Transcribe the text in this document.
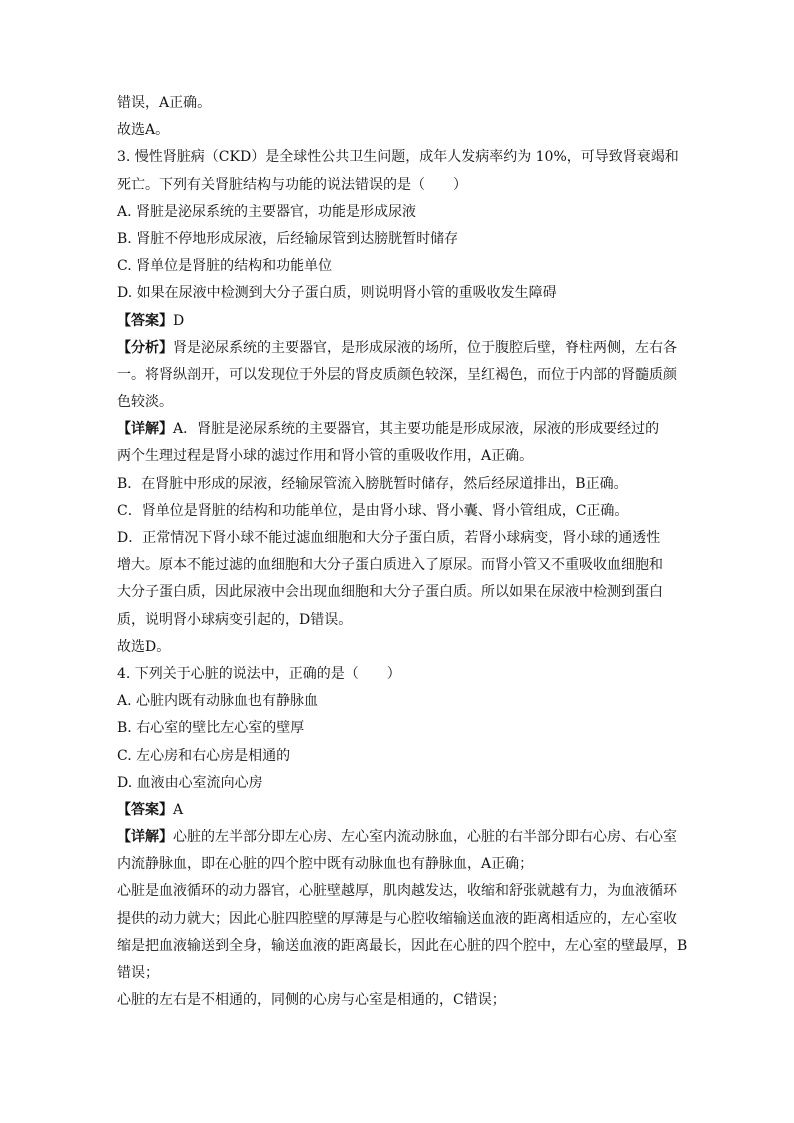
错误，A正确。
故选A。
3. 慢性肾脏病（CKD）是全球性公共卫生问题，成年人发病率约为 10%，可导致肾衰竭和
死亡。下列有关肾脏结构与功能的说法错误的是（　　）
A. 肾脏是泌尿系统的主要器官，功能是形成尿液
B. 肾脏不停地形成尿液，后经输尿管到达膀胱暂时储存
C. 肾单位是肾脏的结构和功能单位
D. 如果在尿液中检测到大分子蛋白质，则说明肾小管的重吸收发生障碍
【答案】D
【分析】肾是泌尿系统的主要器官，是形成尿液的场所，位于腹腔后壁，脊柱两侧，左右各
一。将肾纵剖开，可以发现位于外层的肾皮质颜色较深，呈红褐色，而位于内部的肾髓质颜
色较淡。
【详解】A．肾脏是泌尿系统的主要器官，其主要功能是形成尿液，尿液的形成要经过的
两个生理过程是肾小球的滤过作用和肾小管的重吸收作用，A正确。
B．在肾脏中形成的尿液，经输尿管流入膀胱暂时储存，然后经尿道排出，B正确。
C．肾单位是肾脏的结构和功能单位，是由肾小球、肾小囊、肾小管组成，C正确。
D．正常情况下肾小球不能过滤血细胞和大分子蛋白质，若肾小球病变，肾小球的通透性
增大。原本不能过滤的血细胞和大分子蛋白质进入了原尿。而肾小管又不重吸收血细胞和
大分子蛋白质，因此尿液中会出现血细胞和大分子蛋白质。所以如果在尿液中检测到蛋白
质，说明肾小球病变引起的，D错误。
故选D。
4. 下列关于心脏的说法中，正确的是（　　）
A. 心脏内既有动脉血也有静脉血
B. 右心室的壁比左心室的壁厚
C. 左心房和右心房是相通的
D. 血液由心室流向心房
【答案】A
【详解】心脏的左半部分即左心房、左心室内流动脉血，心脏的右半部分即右心房、右心室
内流静脉血，即在心脏的四个腔中既有动脉血也有静脉血，A正确；
心脏是血液循环的动力器官，心脏壁越厚，肌肉越发达，收缩和舒张就越有力，为血液循环
提供的动力就大；因此心脏四腔壁的厚薄是与心腔收缩输送血液的距离相适应的，左心室收
缩是把血液输送到全身，输送血液的距离最长，因此在心脏的四个腔中，左心室的壁最厚，B
错误；
心脏的左右是不相通的，同侧的心房与心室是相通的，C错误；
